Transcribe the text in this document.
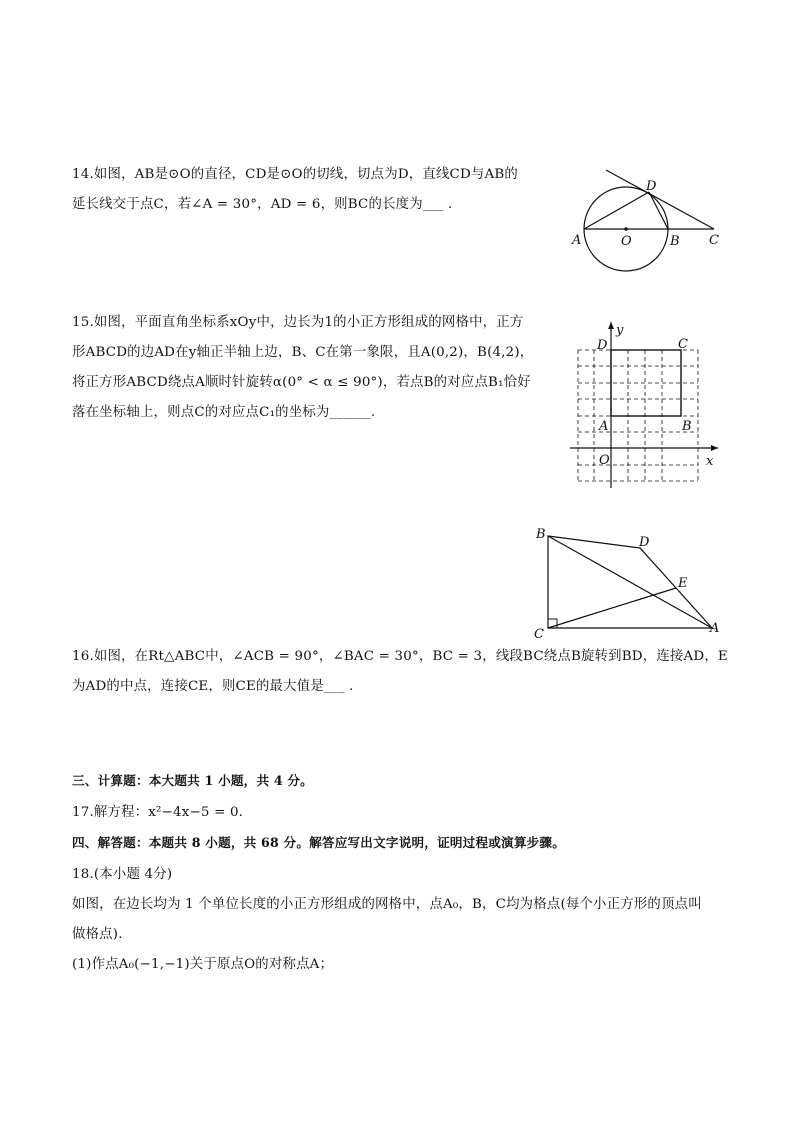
14.如图，AB是⊙O的直径，CD是⊙O的切线，切点为D，直线CD与AB的
延长线交于点C，若∠A = 30°，AD = 6，则BC的长度为___ .
A	O	B C
D
15.如图，平面直角坐标系xOy中，边长为1的小正方形组成的网格中，正方
形ABCD的边AD在y轴正半轴上边，B、C在第一象限，且A(0,2)，B(4,2)，
将正方形ABCD绕点A顺时针旋转α(0° < α ≤ 90°)，若点B的对应点B₁恰好
落在坐标轴上，则点C的对应点C₁的坐标为______.
y
x
O
A	B
C
D
B
D
E
C	A
16.如图，在Rt△ABC中，∠ACB = 90°，∠BAC = 30°，BC = 3，线段BC绕点B旋转到BD，连接AD，E
为AD的中点，连接CE，则CE的最大值是___ .
三、计算题：本大题共 1 小题，共 4 分。
17.解方程：x²−4x−5 = 0.
四、解答题：本题共 8 小题，共 68 分。解答应写出文字说明，证明过程或演算步骤。
18.(本小题 4分)
如图，在边长均为 1 个单位长度的小正方形组成的网格中，点A₀，B，C均为格点(每个小正方形的顶点叫
做格点).
(1)作点A₀(−1,−1)关于原点O的对称点A；
